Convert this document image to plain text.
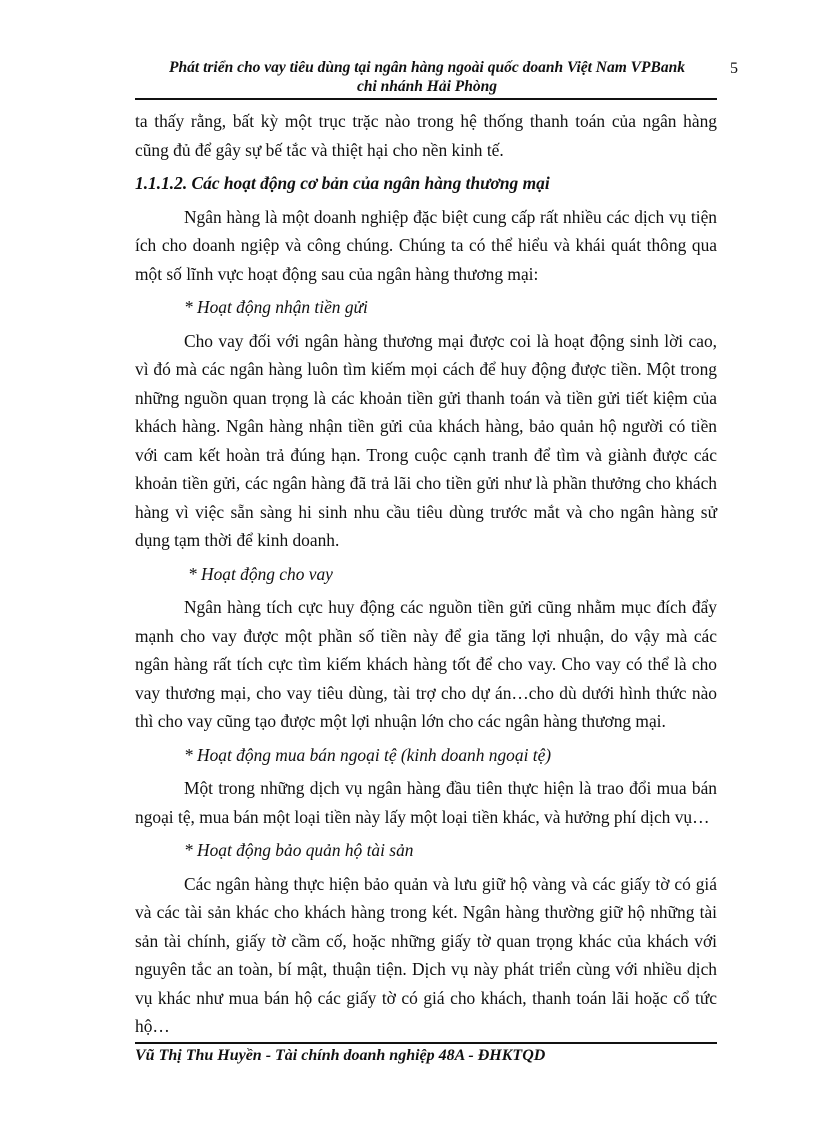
Phát triển cho vay tiêu dùng tại ngân hàng ngoài quốc doanh Việt Nam VPBank
chi nhánh Hải Phòng
5

ta thấy rằng, bất kỳ một trục trặc nào trong hệ thống thanh toán của ngân hàng cũng đủ để gây sự bế tắc và thiệt hại cho nền kinh tế.

1.1.1.2. Các hoạt động cơ bản của ngân hàng thương mại

Ngân hàng là một doanh nghiệp đặc biệt cung cấp rất nhiều các dịch vụ tiện ích cho doanh ngiệp và công chúng. Chúng ta có thể hiểu và khái quát thông qua một số lĩnh vực hoạt động sau của ngân hàng thương mại:

* Hoạt động nhận tiền gửi

Cho vay đối với ngân hàng thương mại được coi là hoạt động sinh lời cao, vì đó mà các ngân hàng luôn tìm kiếm mọi cách để huy động được tiền. Một trong những nguồn quan trọng là các khoản tiền gửi thanh toán và tiền gửi tiết kiệm của khách hàng. Ngân hàng nhận tiền gửi của khách hàng, bảo quản hộ người có tiền với cam kết hoàn trả đúng hạn. Trong cuộc cạnh tranh để tìm và giành được các khoản tiền gửi, các ngân hàng đã trả lãi cho tiền gửi như là phần thưởng cho khách hàng vì việc sẵn sàng hi sinh nhu cầu tiêu dùng trước mắt và cho ngân hàng sử dụng tạm thời để kinh doanh.

* Hoạt động cho vay

Ngân hàng tích cực huy động các nguồn tiền gửi cũng nhằm mục đích đẩy mạnh cho vay được một phần số tiền này để gia tăng lợi nhuận, do vậy mà các ngân hàng rất tích cực tìm kiếm khách hàng tốt để cho vay. Cho vay có thể là cho vay thương mại, cho vay tiêu dùng, tài trợ cho dự án…cho dù dưới hình thức nào thì cho vay cũng tạo được một lợi nhuận lớn cho các ngân hàng thương mại.

* Hoạt động mua bán ngoại tệ (kinh doanh ngoại tệ)

Một trong những dịch vụ ngân hàng đầu tiên thực hiện là trao đổi mua bán ngoại tệ, mua bán một loại tiền này lấy một loại tiền khác, và hưởng phí dịch vụ…

* Hoạt động bảo quản hộ tài sản

Các ngân hàng thực hiện bảo quản và lưu giữ hộ vàng và các giấy tờ có giá và các tài sản khác cho khách hàng trong két. Ngân hàng thường giữ hộ những tài sản tài chính, giấy tờ cầm cố, hoặc những giấy tờ quan trọng khác của khách với nguyên tắc an toàn, bí mật, thuận tiện. Dịch vụ này phát triển cùng với nhiều dịch vụ khác như mua bán hộ các giấy tờ có giá cho khách, thanh toán lãi hoặc cổ tức hộ…

Vũ Thị Thu Huyền - Tài chính doanh nghiệp 48A - ĐHKTQD
